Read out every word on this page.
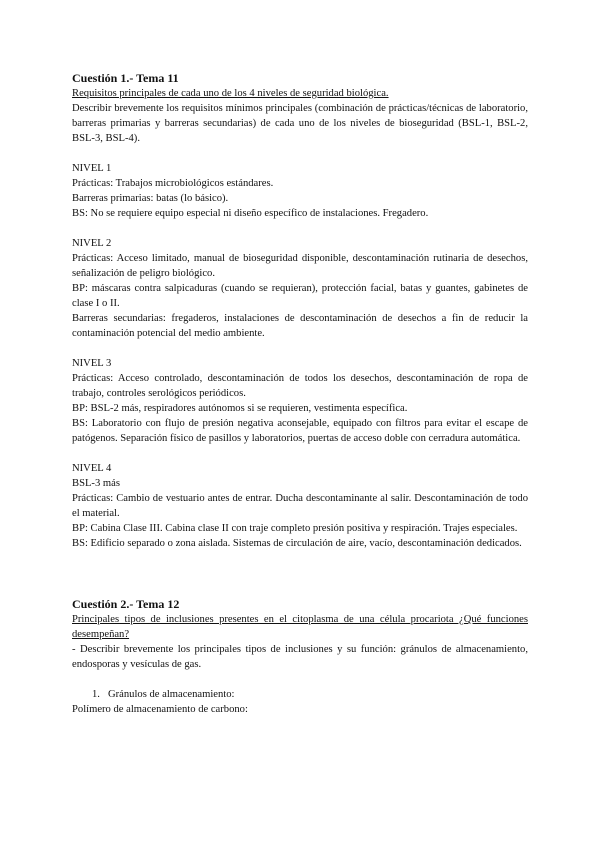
Cuestión 1.- Tema 11

Requisitos principales de cada uno de los 4 niveles de seguridad biológica.

Describir brevemente los requisitos mínimos principales (combinación de prácticas/técnicas de laboratorio, barreras primarias y barreras secundarias) de cada uno de los niveles de bioseguridad (BSL-1, BSL-2, BSL-3, BSL-4).

NIVEL 1

Prácticas: Trabajos microbiológicos estándares.

Barreras primarias: batas (lo básico).

BS: No se requiere equipo especial ni diseño específico de instalaciones. Fregadero.

NIVEL 2

Prácticas: Acceso limitado, manual de bioseguridad disponible, descontaminación rutinaria de desechos, señalización de peligro biológico.

BP: máscaras contra salpicaduras (cuando se requieran), protección facial, batas y guantes, gabinetes de clase I o II.

Barreras secundarias: fregaderos, instalaciones de descontaminación de desechos a fin de reducir la contaminación potencial del medio ambiente.

NIVEL 3

Prácticas: Acceso controlado, descontaminación de todos los desechos, descontaminación de ropa de trabajo, controles serológicos periódicos.

BP: BSL-2 más, respiradores autónomos si se requieren, vestimenta específica.

BS: Laboratorio con flujo de presión negativa aconsejable, equipado con filtros para evitar el escape de patógenos. Separación físico de pasillos y laboratorios, puertas de acceso doble con cerradura automática.

NIVEL 4

BSL-3 más

Prácticas: Cambio de vestuario antes de entrar. Ducha descontaminante al salir. Descontaminación de todo el material.

BP: Cabina Clase III. Cabina clase II con traje completo presión positiva y respiración. Trajes especiales.

BS: Edificio separado o zona aislada. Sistemas de circulación de aire, vacío, descontaminación dedicados.

Cuestión 2.- Tema 12

Principales tipos de inclusiones presentes en el citoplasma de una célula procariota ¿Qué funciones desempeñan?

- Describir brevemente los principales tipos de inclusiones y su función: gránulos de almacenamiento, endosporas y vesículas de gas.

1. Gránulos de almacenamiento:

Polímero de almacenamiento de carbono:
